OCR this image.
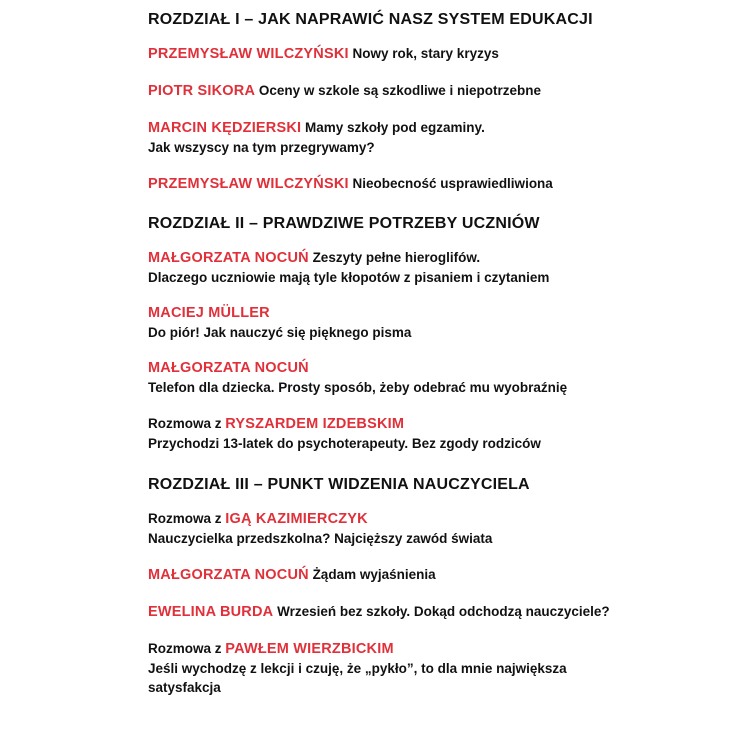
ROZDZIAŁ I – JAK NAPRAWIĆ NASZ SYSTEM EDUKACJI
PRZEMYSŁAW WILCZYŃSKI Nowy rok, stary kryzys
PIOTR SIKORA Oceny w szkole są szkodliwe i niepotrzebne
MARCIN KĘDZIERSKI Mamy szkoły pod egzaminy.
Jak wszyscy na tym przegrywamy?
PRZEMYSŁAW WILCZYŃSKI Nieobecność usprawiedliwiona
ROZDZIAŁ II – PRAWDZIWE POTRZEBY UCZNIÓW
MAŁGORZATA NOCUŃ Zeszyty pełne hieroglifów.
Dlaczego uczniowie mają tyle kłopotów z pisaniem i czytaniem
MACIEJ MÜLLER
Do piór! Jak nauczyć się pięknego pisma
MAŁGORZATA NOCUŃ
Telefon dla dziecka. Prosty sposób, żeby odebrać mu wyobraźnię
Rozmowa z RYSZARDEM IZDEBSKIM
Przychodzi 13-latek do psychoterapeuty. Bez zgody rodziców
ROZDZIAŁ III – PUNKT WIDZENIA NAUCZYCIELA
Rozmowa z IGĄ KAZIMIERCZYK
Nauczycielka przedszkolna? Najcięższy zawód świata
MAŁGORZATA NOCUŃ Żądam wyjaśnienia
EWELINA BURDA Wrzesień bez szkoły. Dokąd odchodzą nauczyciele?
Rozmowa z PAWŁEM WIERZBICKIM
Jeśli wychodzę z lekcji i czuję, że „pykło”, to dla mnie największa
satysfakcja
